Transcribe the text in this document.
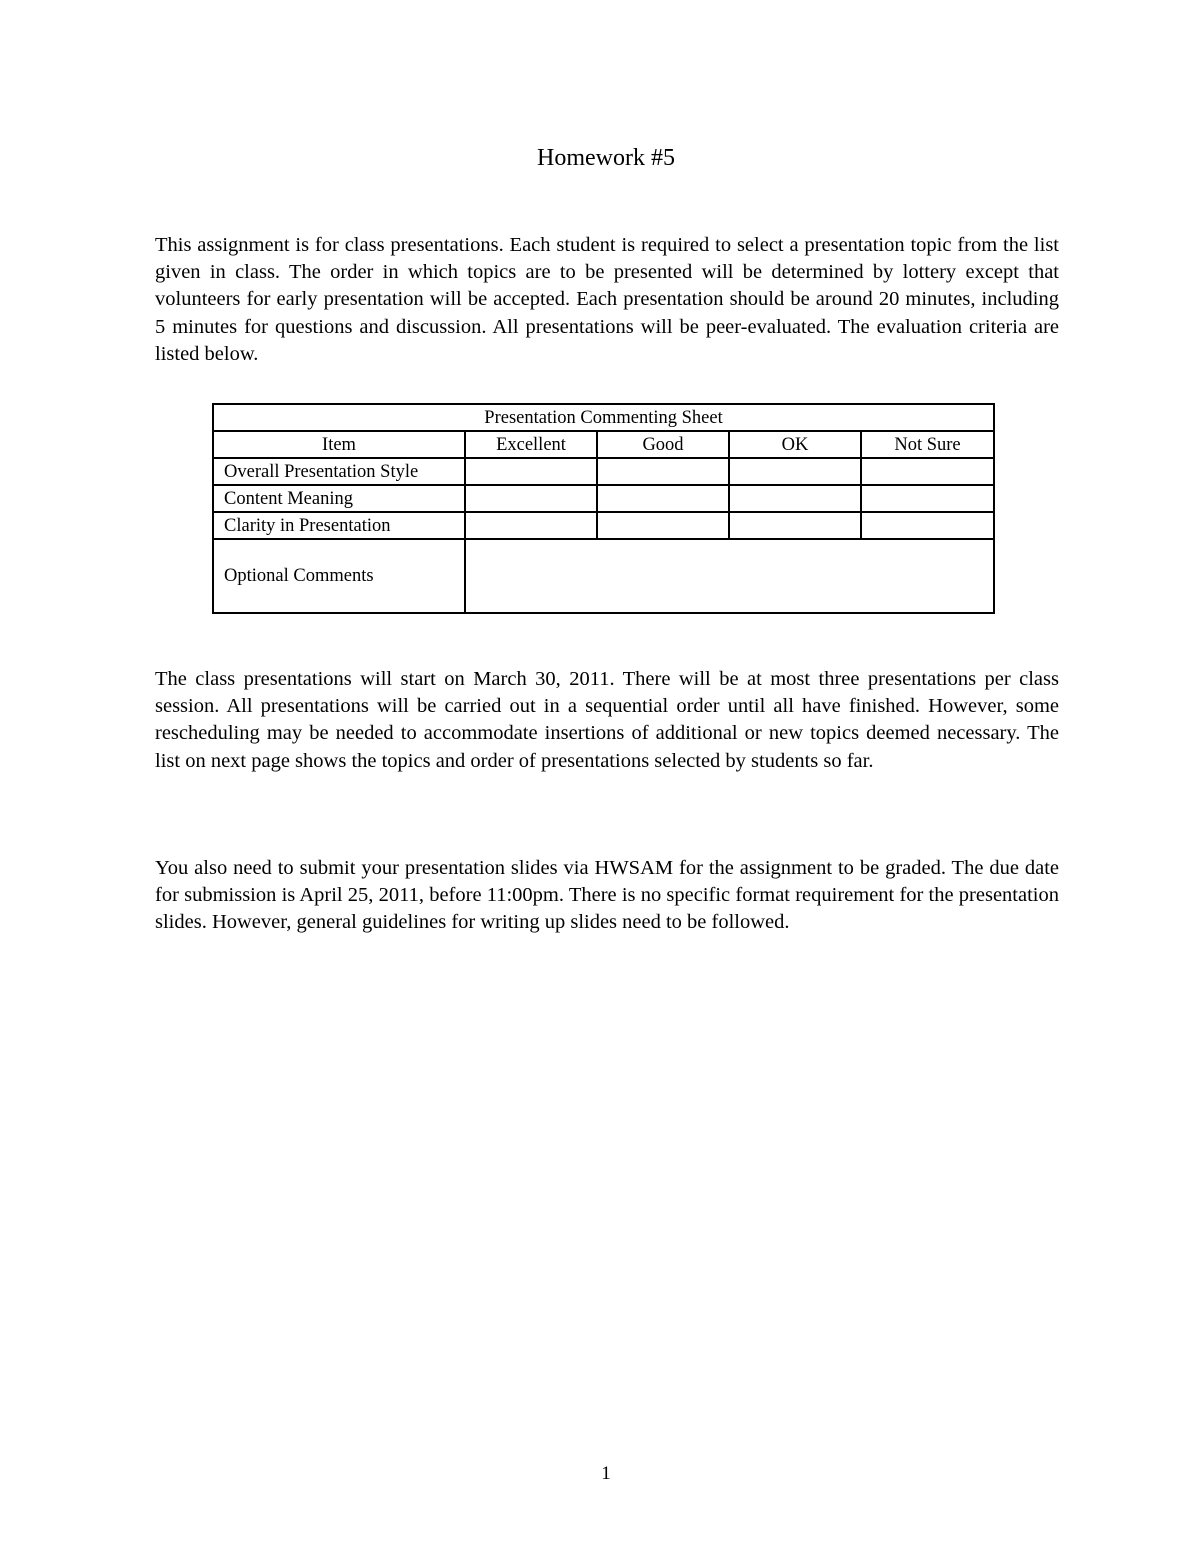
Homework #5

This assignment is for class presentations. Each student is required to select a presentation topic from the list given in class. The order in which topics are to be presented will be determined by lottery except that volunteers for early presentation will be accepted. Each presentation should be around 20 minutes, including 5 minutes for questions and discussion. All presentations will be peer-evaluated. The evaluation criteria are listed below.

Presentation Commenting Sheet				
Item	Excellent	Good	OK	Not Sure
Overall Presentation Style				
Content Meaning				
Clarity in Presentation				
Optional Comments				

The class presentations will start on March 30, 2011. There will be at most three presentations per class session. All presentations will be carried out in a sequential order until all have finished. However, some rescheduling may be needed to accommodate insertions of additional or new topics deemed necessary. The list on next page shows the topics and order of presentations selected by students so far.

You also need to submit your presentation slides via HWSAM for the assignment to be graded. The due date for submission is April 25, 2011, before 11:00pm. There is no specific format requirement for the presentation slides. However, general guidelines for writing up slides need to be followed.

1
